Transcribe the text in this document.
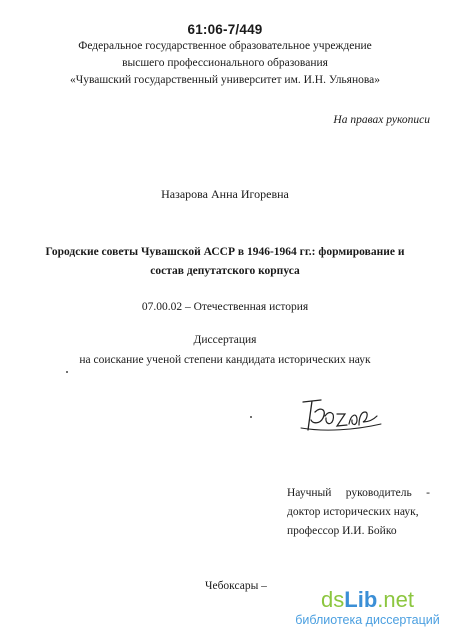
61:06-7/449
Федеральное государственное образовательное учреждение
высшего профессионального образования
«Чувашский государственный университет им. И.Н. Ульянова»
На правах рукописи
Назарова Анна Игоревна
Городские советы Чувашской АССР в 1946-1964 гг.: формирование и
состав депутатского корпуса
07.00.02 – Отечественная история
Диссертация
на соискание ученой степени кандидата исторических наук
Научный руководитель -
доктор исторических наук,
профессор И.И. Бойко
Чебоксары –
dsLib.net
библиотека диссертаций
